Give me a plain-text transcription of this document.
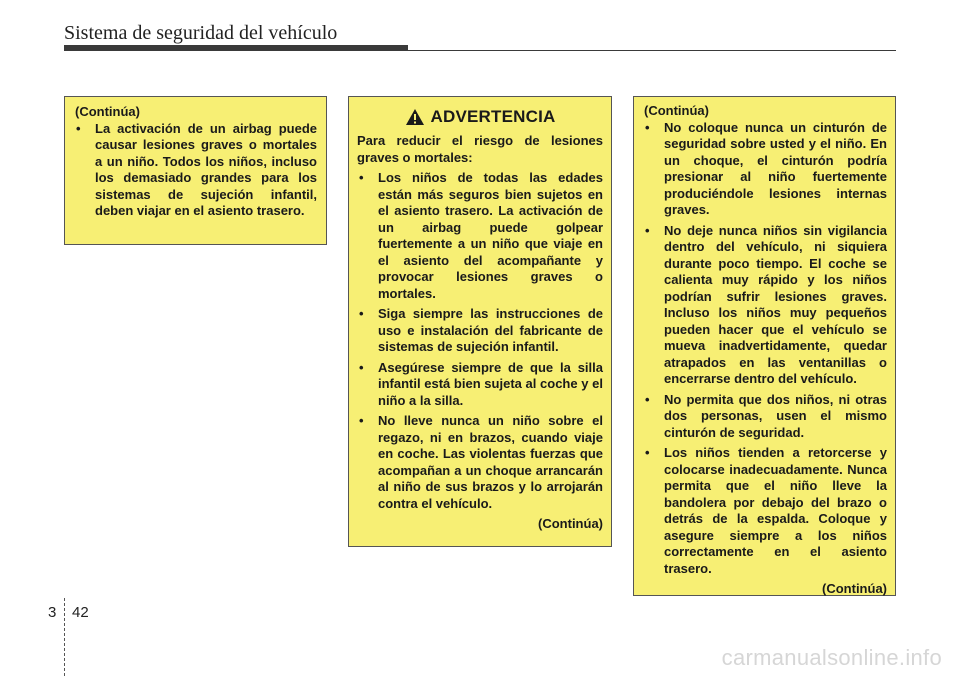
Sistema de seguridad del vehículo
(Continúa)
• La activación de un airbag puede causar lesiones graves o mortales a un niño. Todos los niños, incluso los demasiado grandes para los sistemas de sujeción infantil, deben viajar en el asiento trasero.
ADVERTENCIA
Para reducir el riesgo de lesiones graves o mortales:
• Los niños de todas las edades están más seguros bien sujetos en el asiento trasero. La activación de un airbag puede golpear fuertemente a un niño que viaje en el asiento del acompañante y provocar lesiones graves o mortales.
• Siga siempre las instrucciones de uso e instalación del fabricante de sistemas de sujeción infantil.
• Asegúrese siempre de que la silla infantil está bien sujeta al coche y el niño a la silla.
• No lleve nunca un niño sobre el regazo, ni en brazos, cuando viaje en coche. Las violentas fuerzas que acompañan a un choque arrancarán al niño de sus brazos y lo arrojarán contra el vehículo.
(Continúa)
(Continúa)
• No coloque nunca un cinturón de seguridad sobre usted y el niño. En un choque, el cinturón podría presionar al niño fuertemente produciéndole lesiones internas graves.
• No deje nunca niños sin vigilancia dentro del vehículo, ni siquiera durante poco tiempo. El coche se calienta muy rápido y los niños podrían sufrir lesiones graves. Incluso los niños muy pequeños pueden hacer que el vehículo se mueva inadvertidamente, quedar atrapados en las ventanillas o encerrarse dentro del vehículo.
• No permita que dos niños, ni otras dos personas, usen el mismo cinturón de seguridad.
• Los niños tienden a retorcerse y colocarse inadecuadamente. Nunca permita que el niño lleve la bandolera por debajo del brazo o detrás de la espalda. Coloque y asegure siempre a los niños correctamente en el asiento trasero.
(Continúa)
3 42
carmanualsonline.info
